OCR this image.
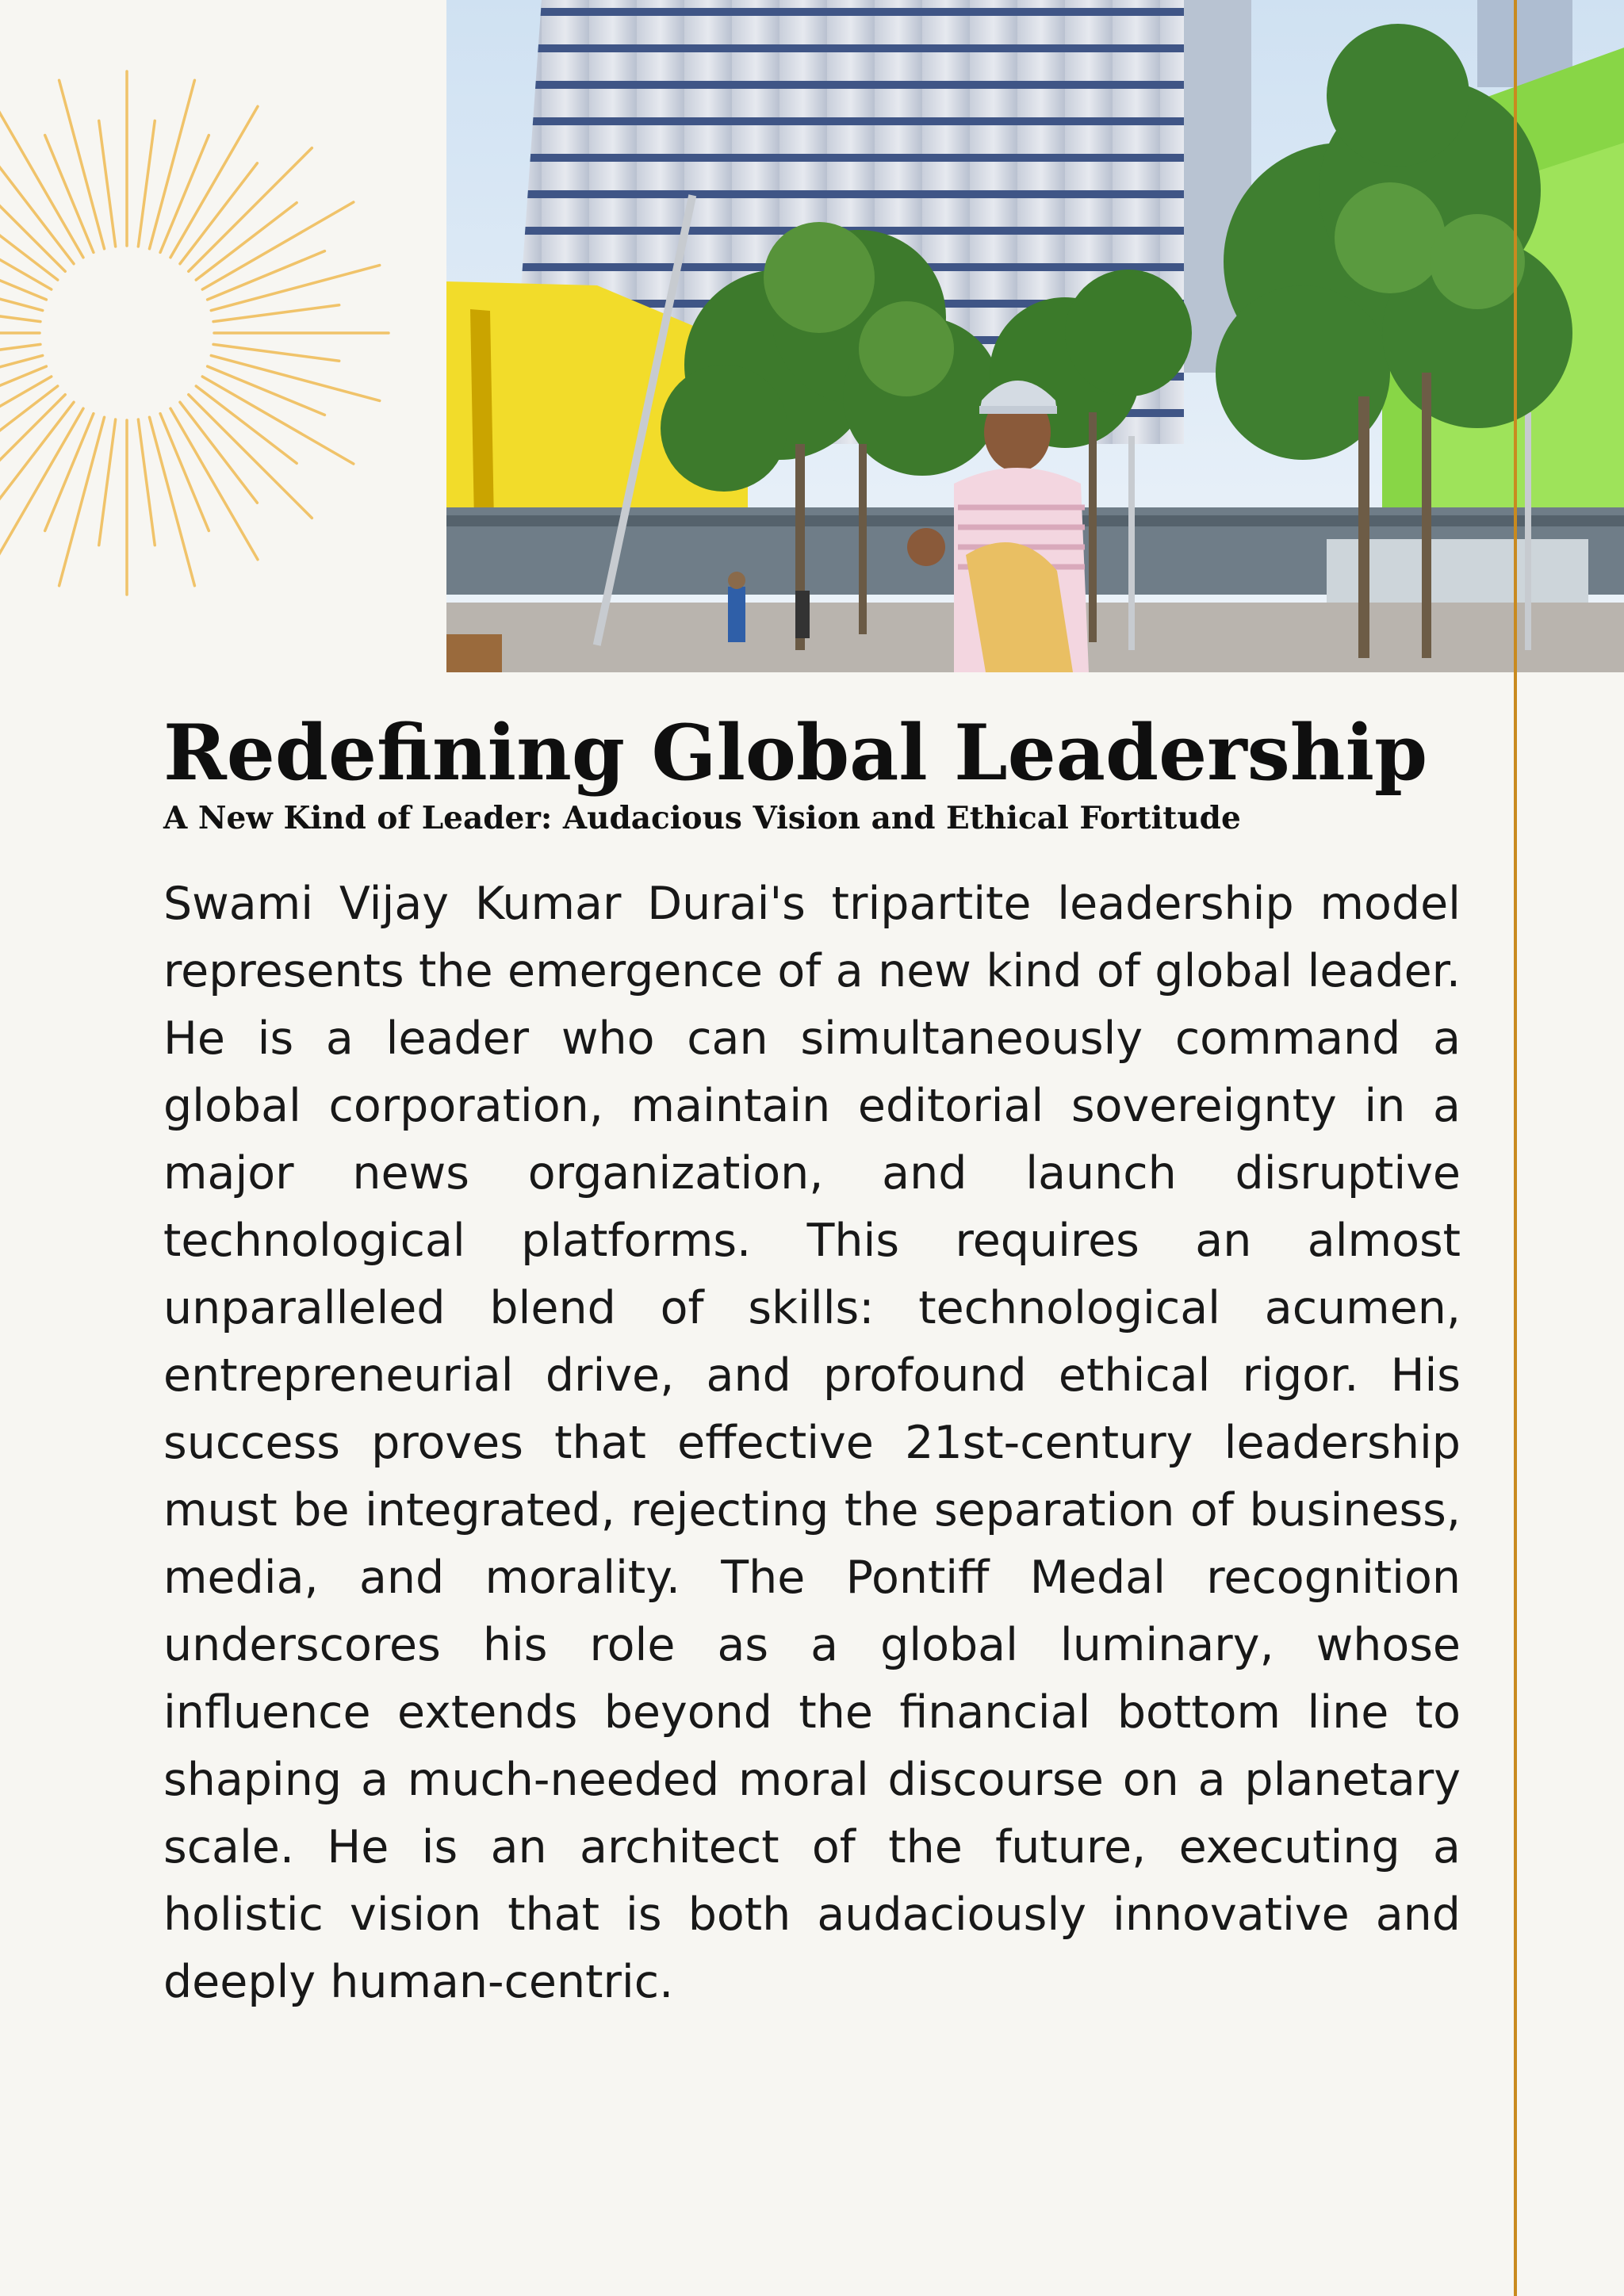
Redefining Global Leadership
A New Kind of Leader: Audacious Vision and Ethical Fortitude

Swami Vijay Kumar Durai's tripartite leadership model represents the emergence of a new kind of global leader. He is a leader who can simultaneously command a global corporation, maintain editorial sovereignty in a major news organization, and launch disruptive technological platforms. This requires an almost unparalleled blend of skills: technological acumen, entrepreneurial drive, and profound ethical rigor. His success proves that effective 21st-century leadership must be integrated, rejecting the separation of business, media, and morality. The Pontiff Medal recognition underscores his role as a global luminary, whose influence extends beyond the financial bottom line to shaping a much-needed moral discourse on a planetary scale. He is an architect of the future, executing a holistic vision that is both audaciously innovative and deeply human-centric.
